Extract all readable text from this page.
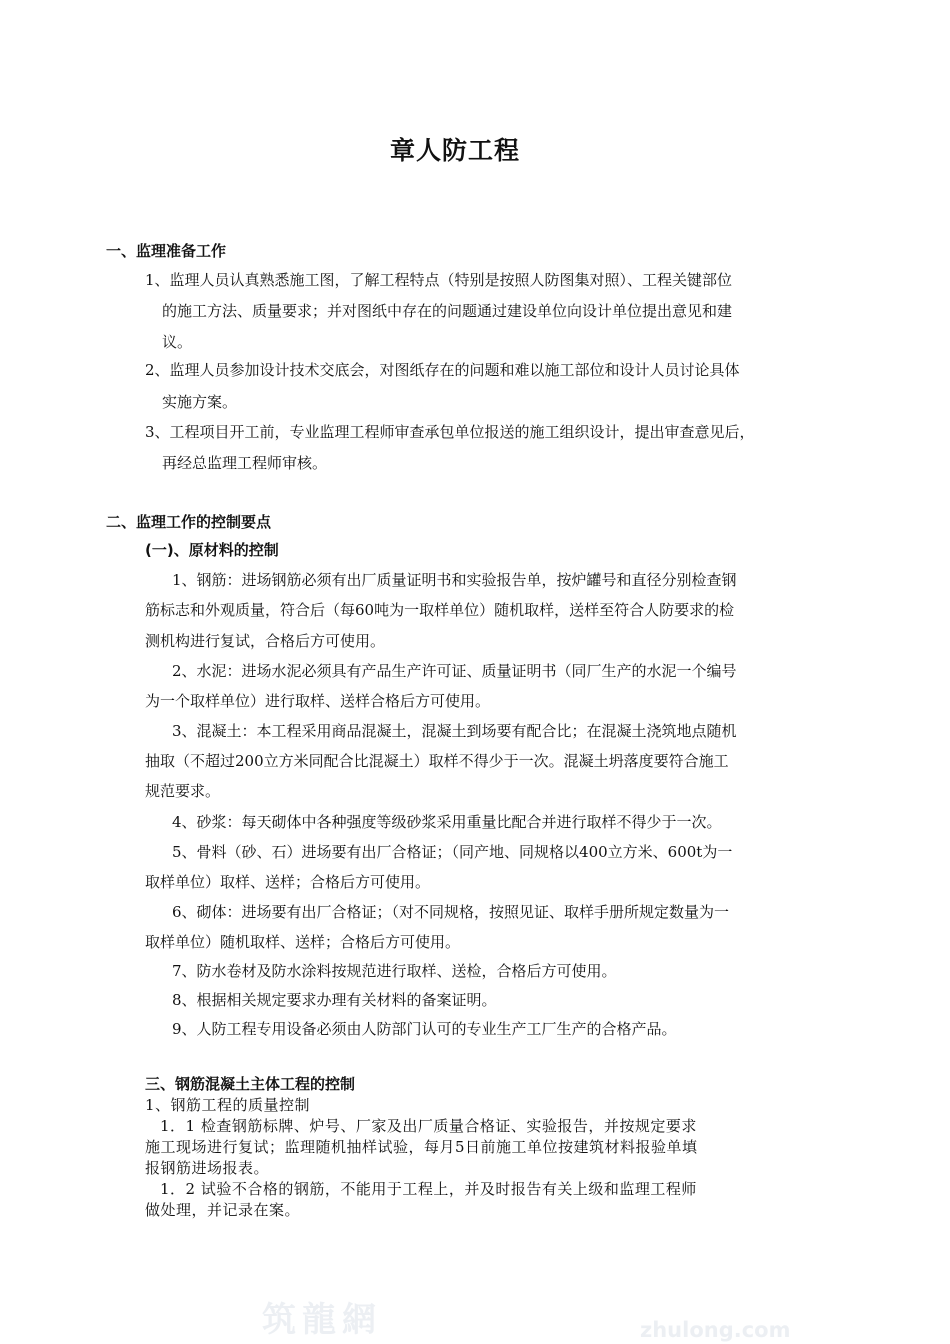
章人防工程
一、监理准备工作
1、监理人员认真熟悉施工图，了解工程特点（特别是按照人防图集对照）、工程关键部位
的施工方法、质量要求；并对图纸中存在的问题通过建设单位向设计单位提出意见和建
议。
2、监理人员参加设计技术交底会，对图纸存在的问题和难以施工部位和设计人员讨论具体
实施方案。
3、工程项目开工前，专业监理工程师审查承包单位报送的施工组织设计，提出审查意见后，
再经总监理工程师审核。
二、监理工作的控制要点
(一)、原材料的控制
1、钢筋：进场钢筋必须有出厂质量证明书和实验报告单，按炉罐号和直径分别检查钢
筋标志和外观质量，符合后（每60吨为一取样单位）随机取样，送样至符合人防要求的检
测机构进行复试，合格后方可使用。
2、水泥：进场水泥必须具有产品生产许可证、质量证明书（同厂生产的水泥一个编号
为一个取样单位）进行取样、送样合格后方可使用。
3、混凝土：本工程采用商品混凝土，混凝土到场要有配合比；在混凝土浇筑地点随机
抽取（不超过200立方米同配合比混凝土）取样不得少于一次。混凝土坍落度要符合施工
规范要求。
4、砂浆：每天砌体中各种强度等级砂浆采用重量比配合并进行取样不得少于一次。
5、骨料（砂、石）进场要有出厂合格证；（同产地、同规格以400立方米、600t为一
取样单位）取样、送样；合格后方可使用。
6、砌体：进场要有出厂合格证；（对不同规格，按照见证、取样手册所规定数量为一
取样单位）随机取样、送样；合格后方可使用。
7、防水卷材及防水涂料按规范进行取样、送检，合格后方可使用。
8、根据相关规定要求办理有关材料的备案证明。
9、人防工程专用设备必须由人防部门认可的专业生产工厂生产的合格产品。
三、钢筋混凝土主体工程的控制
1、钢筋工程的质量控制
1．1 检查钢筋标牌、炉号、厂家及出厂质量合格证、实验报告，并按规定要求
施工现场进行复试；监理随机抽样试验，每月5日前施工单位按建筑材料报验单填
报钢筋进场报表。
1．2 试验不合格的钢筋，不能用于工程上，并及时报告有关上级和监理工程师
做处理，并记录在案。
筑龍網	zhulong.com
